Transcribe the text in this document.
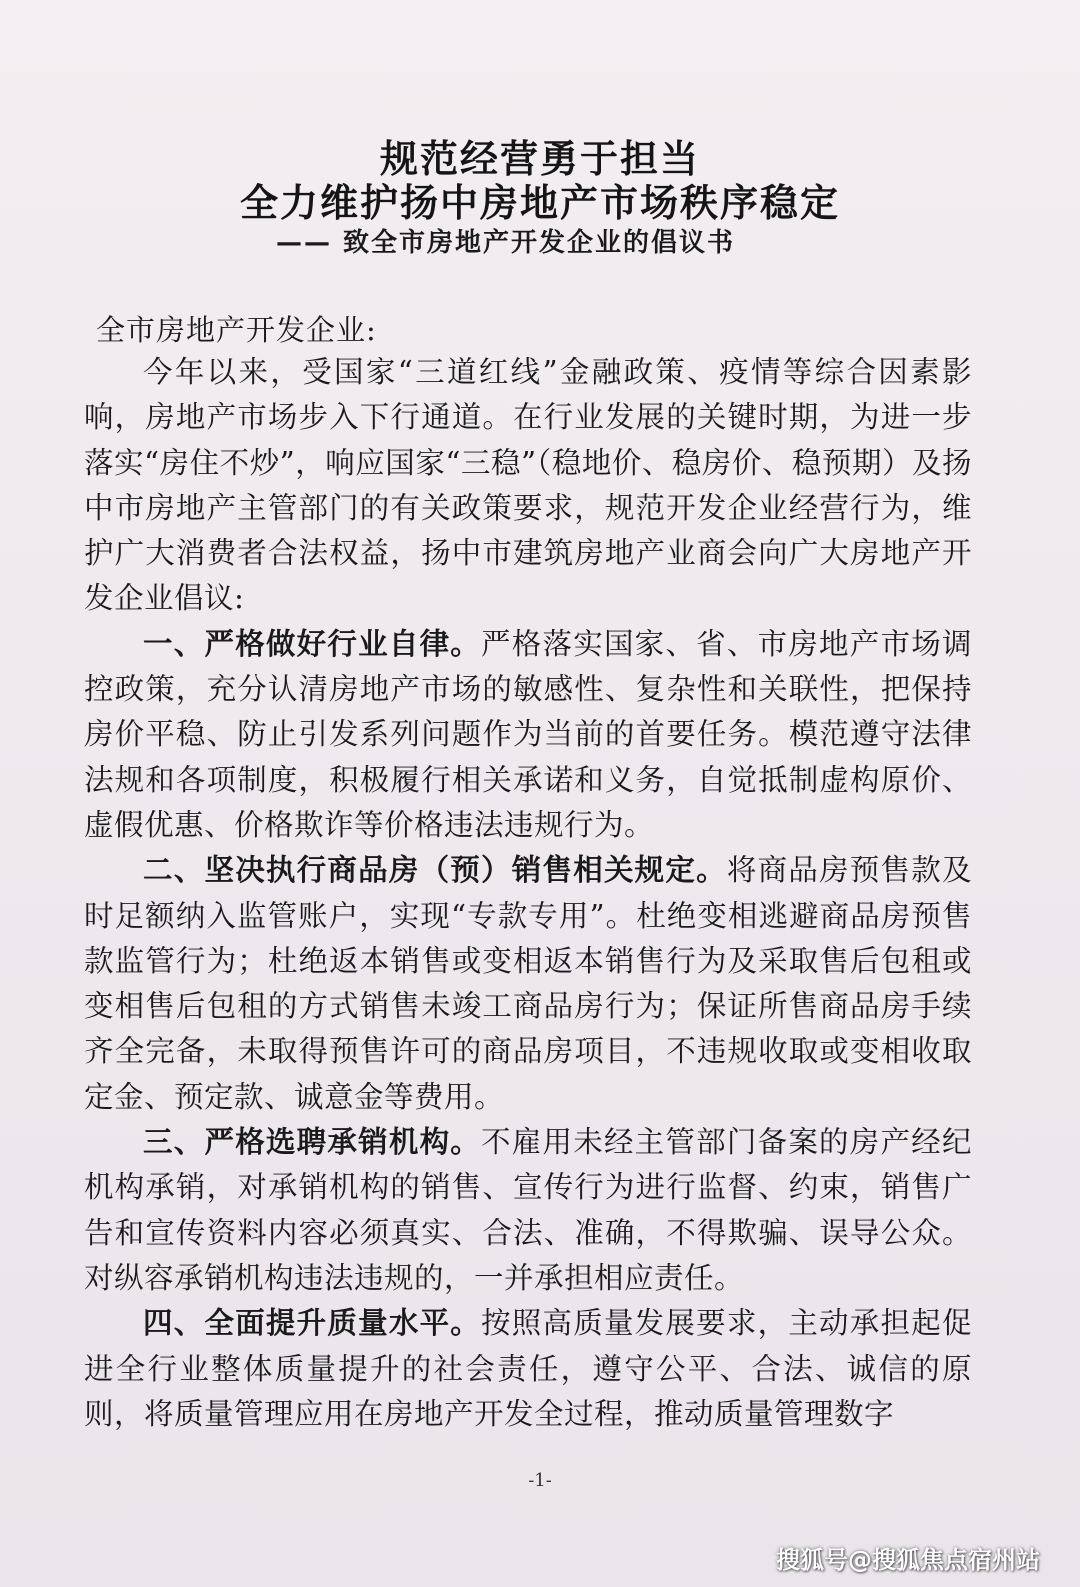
规范经营勇于担当
全力维护扬中房地产市场秩序稳定
—— 致全市房地产开发企业的倡议书
全市房地产开发企业:

今年以来，受国家“三道红线”金融政策、疫情等综合因素影响，房地产市场步入下行通道。在行业发展的关键时期，为进一步落实“房住不炒”，响应国家“三稳”（稳地价、稳房价、稳预期）及扬中市房地产主管部门的有关政策要求，规范开发企业经营行为，维护广大消费者合法权益，扬中市建筑房地产业商会向广大房地产开发企业倡议:

一、严格做好行业自律。严格落实国家、省、市房地产市场调控政策，充分认清房地产市场的敏感性、复杂性和关联性，把保持房价平稳、防止引发系列问题作为当前的首要任务。模范遵守法律法规和各项制度，积极履行相关承诺和义务，自觉抵制虚构原价、虚假优惠、价格欺诈等价格违法违规行为。

二、坚决执行商品房（预）销售相关规定。将商品房预售款及时足额纳入监管账户，实现“专款专用”。杜绝变相逃避商品房预售款监管行为；杜绝返本销售或变相返本销售行为及采取售后包租或变相售后包租的方式销售未竣工商品房行为；保证所售商品房手续齐全完备，未取得预售许可的商品房项目，不违规收取或变相收取定金、预定款、诚意金等费用。

三、严格选聘承销机构。不雇用未经主管部门备案的房产经纪机构承销，对承销机构的销售、宣传行为进行监督、约束，销售广告和宣传资料内容必须真实、合法、准确，不得欺骗、误导公众。对纵容承销机构违法违规的，一并承担相应责任。

四、全面提升质量水平。按照高质量发展要求，主动承担起促进全行业整体质量提升的社会责任，遵守公平、合法、诚信的原则，将质量管理应用在房地产开发全过程，推动质量管理数字

-1-
搜狐号@搜狐焦点宿州站
